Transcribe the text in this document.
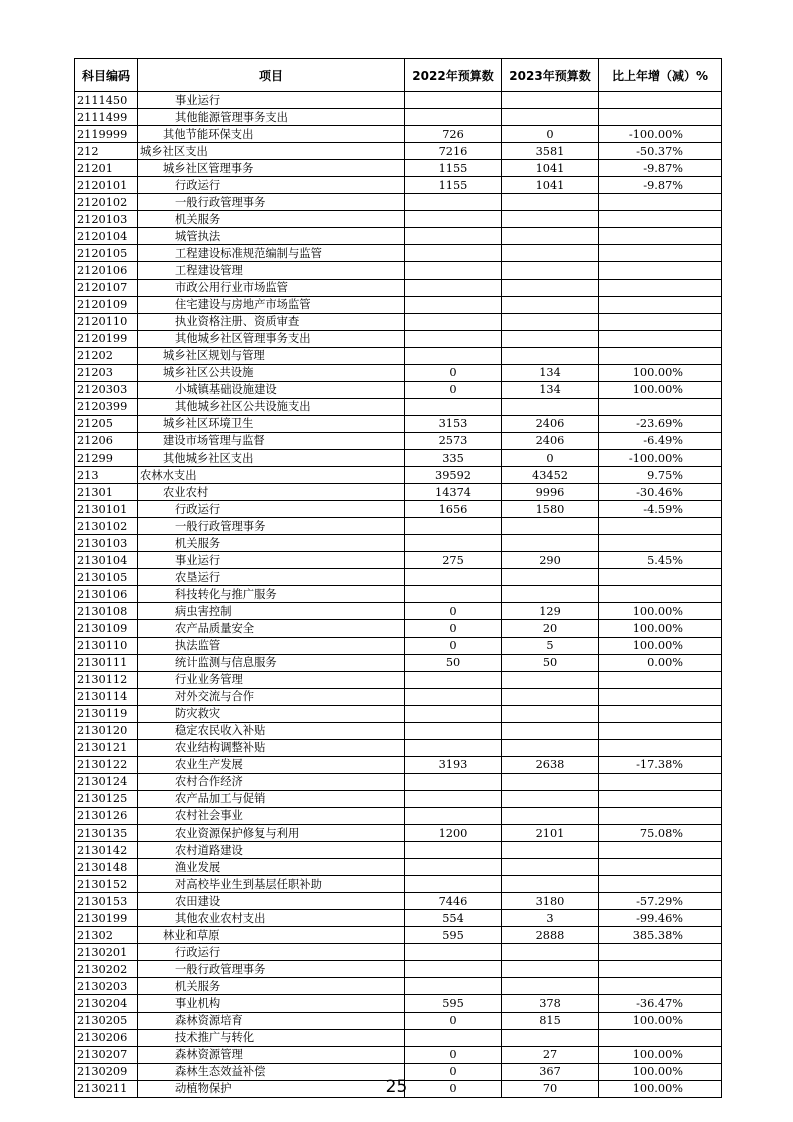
科目编码	项目	2022年预算数	2023年预算数	比上年增（减）%
2111450	事业运行			
2111499	其他能源管理事务支出			
2119999	其他节能环保支出	726	0	-100.00%
212	城乡社区支出	7216	3581	-50.37%
21201	城乡社区管理事务	1155	1041	-9.87%
2120101	行政运行	1155	1041	-9.87%
2120102	一般行政管理事务			
2120103	机关服务			
2120104	城管执法			
2120105	工程建设标准规范编制与监管			
2120106	工程建设管理			
2120107	市政公用行业市场监管			
2120109	住宅建设与房地产市场监管			
2120110	执业资格注册、资质审查			
2120199	其他城乡社区管理事务支出			
21202	城乡社区规划与管理			
21203	城乡社区公共设施	0	134	100.00%
2120303	小城镇基础设施建设	0	134	100.00%
2120399	其他城乡社区公共设施支出			
21205	城乡社区环境卫生	3153	2406	-23.69%
21206	建设市场管理与监督	2573	2406	-6.49%
21299	其他城乡社区支出	335	0	-100.00%
213	农林水支出	39592	43452	9.75%
21301	农业农村	14374	9996	-30.46%
2130101	行政运行	1656	1580	-4.59%
2130102	一般行政管理事务			
2130103	机关服务			
2130104	事业运行	275	290	5.45%
2130105	农垦运行			
2130106	科技转化与推广服务			
2130108	病虫害控制	0	129	100.00%
2130109	农产品质量安全	0	20	100.00%
2130110	执法监管	0	5	100.00%
2130111	统计监测与信息服务	50	50	0.00%
2130112	行业业务管理			
2130114	对外交流与合作			
2130119	防灾救灾			
2130120	稳定农民收入补贴			
2130121	农业结构调整补贴			
2130122	农业生产发展	3193	2638	-17.38%
2130124	农村合作经济			
2130125	农产品加工与促销			
2130126	农村社会事业			
2130135	农业资源保护修复与利用	1200	2101	75.08%
2130142	农村道路建设			
2130148	渔业发展			
2130152	对高校毕业生到基层任职补助			
2130153	农田建设	7446	3180	-57.29%
2130199	其他农业农村支出	554	3	-99.46%
21302	林业和草原	595	2888	385.38%
2130201	行政运行			
2130202	一般行政管理事务			
2130203	机关服务			
2130204	事业机构	595	378	-36.47%
2130205	森林资源培育	0	815	100.00%
2130206	技术推广与转化			
2130207	森林资源管理	0	27	100.00%
2130209	森林生态效益补偿	0	367	100.00%
2130211	动植物保护	0	70	100.00%
25
